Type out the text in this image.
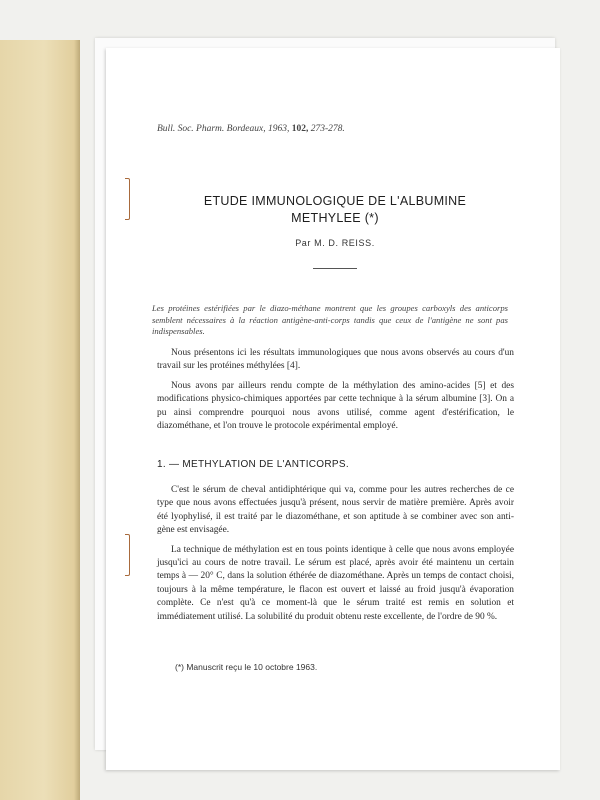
Bull. Soc. Pharm. Bordeaux, 1963, 102, 273-278.
ETUDE IMMUNOLOGIQUE DE L'ALBUMINE
METHYLEE (*)
Par M. D. REISS.
Les protéines estérifiées par le diazo-méthane montrent que les groupes carboxyls des anticorps semblent nécessaires à la réaction antigène-anti-corps tandis que ceux de l'antigène ne sont pas indispensables.

Nous présentons ici les résultats immunologiques que nous avons observés au cours d'un travail sur les protéines méthylées [4].

Nous avons par ailleurs rendu compte de la méthylation des amino-acides [5] et des modifications physico-chimiques apportées par cette technique à la sérum albumine [3]. On a pu ainsi comprendre pourquoi nous avons utilisé, comme agent d'estérification, le diazométhane, et l'on trouve le protocole expérimental employé.

1. — METHYLATION DE L'ANTICORPS.

C'est le sérum de cheval antidiphtérique qui va, comme pour les autres recherches de ce type que nous avons effectuées jusqu'à présent, nous servir de matière première. Après avoir été lyophylisé, il est traité par le diazométhane, et son aptitude à se combiner avec son anti-gène est envisagée.

La technique de méthylation est en tous points identique à celle que nous avons employée jusqu'ici au cours de notre travail. Le sérum est placé, après avoir été maintenu un certain temps à — 20° C, dans la solution éthérée de diazométhane. Après un temps de contact choisi, toujours à la même température, le flacon est ouvert et laissé au froid jusqu'à évaporation complète. Ce n'est qu'à ce moment-là que le sérum traité est remis en solution et immédiatement utilisé. La solubilité du produit obtenu reste excellente, de l'ordre de 90 %.

(*) Manuscrit reçu le 10 octobre 1963.
